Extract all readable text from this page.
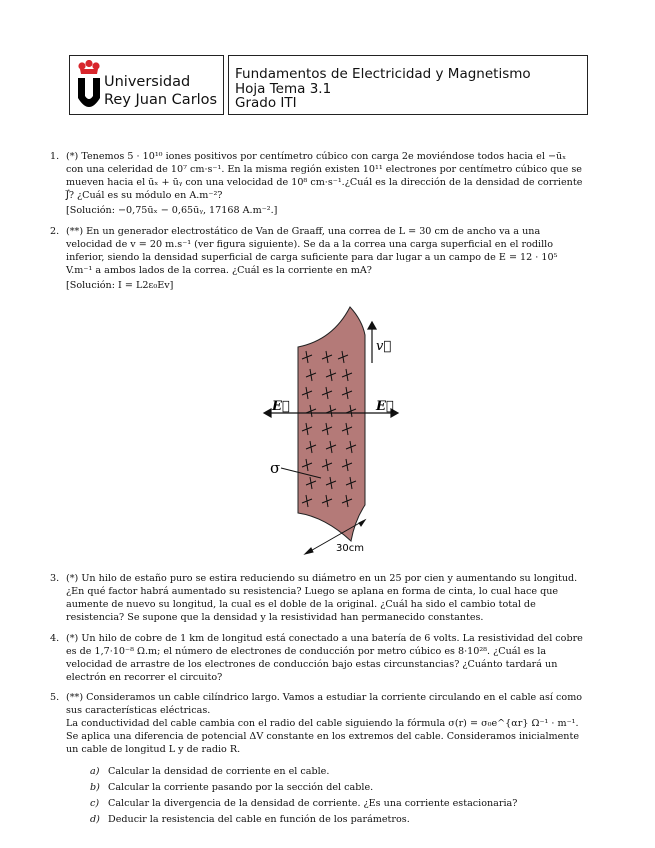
Universidad
Rey Juan Carlos
Fundamentos de Electricidad y Magnetismo
Hoja Tema 3.1
Grado ITI
1. (*) Tenemos 5 · 10¹⁰ iones positivos por centímetro cúbico con carga 2e moviéndose todos hacia el −ūₓ con una celeridad de 10⁷ cm·s⁻¹. En la misma región existen 10¹¹ electrones por centímetro cúbico que se mueven hacia el ūₓ + ūᵧ con una velocidad de 10⁸ cm·s⁻¹.¿Cuál es la dirección de la densidad de corriente J⃗? ¿Cuál es su módulo en A.m⁻²?
[Solución: −0,75ūₓ − 0,65ūᵧ, 17168 A.m⁻².]
2. (**) En un generador electrostático de Van de Graaff, una correa de L = 30 cm de ancho va a una velocidad de v = 20 m.s⁻¹ (ver figura siguiente). Se da a la correa una carga superficial en el rodillo inferior, siendo la densidad superficial de carga suficiente para dar lugar a un campo de E = 12 · 10⁵ V.m⁻¹ a ambos lados de la correa. ¿Cuál es la corriente en mA?
[Solución: I = L2ε₀Ev]
v⃗
E⃗	E⃗
σ
30cm
3. (*) Un hilo de estaño puro se estira reduciendo su diámetro en un 25 por cien y aumentando su longitud. ¿En qué factor habrá aumentado su resistencia? Luego se aplana en forma de cinta, lo cual hace que aumente de nuevo su longitud, la cual es el doble de la original. ¿Cuál ha sido el cambio total de resistencia? Se supone que la densidad y la resistividad han permanecido constantes.
4. (*) Un hilo de cobre de 1 km de longitud está conectado a una batería de 6 volts. La resistividad del cobre es de 1,7·10⁻⁸ Ω.m; el número de electrones de conducción por metro cúbico es 8·10²⁸. ¿Cuál es la velocidad de arrastre de los electrones de conducción bajo estas circunstancias? ¿Cuánto tardará un electrón en recorrer el circuito?
5. (**) Consideramos un cable cilíndrico largo. Vamos a estudiar la corriente circulando en el cable así como sus características eléctricas.
La conductividad del cable cambia con el radio del cable siguiendo la fórmula σ(r) = σ₀e^{αr} Ω⁻¹ · m⁻¹. Se aplica una diferencia de potencial ΔV constante en los extremos del cable. Consideramos inicialmente un cable de longitud L y de radio R.
a) Calcular la densidad de corriente en el cable.
b) Calcular la corriente pasando por la sección del cable.
c) Calcular la divergencia de la densidad de corriente. ¿Es una corriente estacionaria?
d) Deducir la resistencia del cable en función de los parámetros.
